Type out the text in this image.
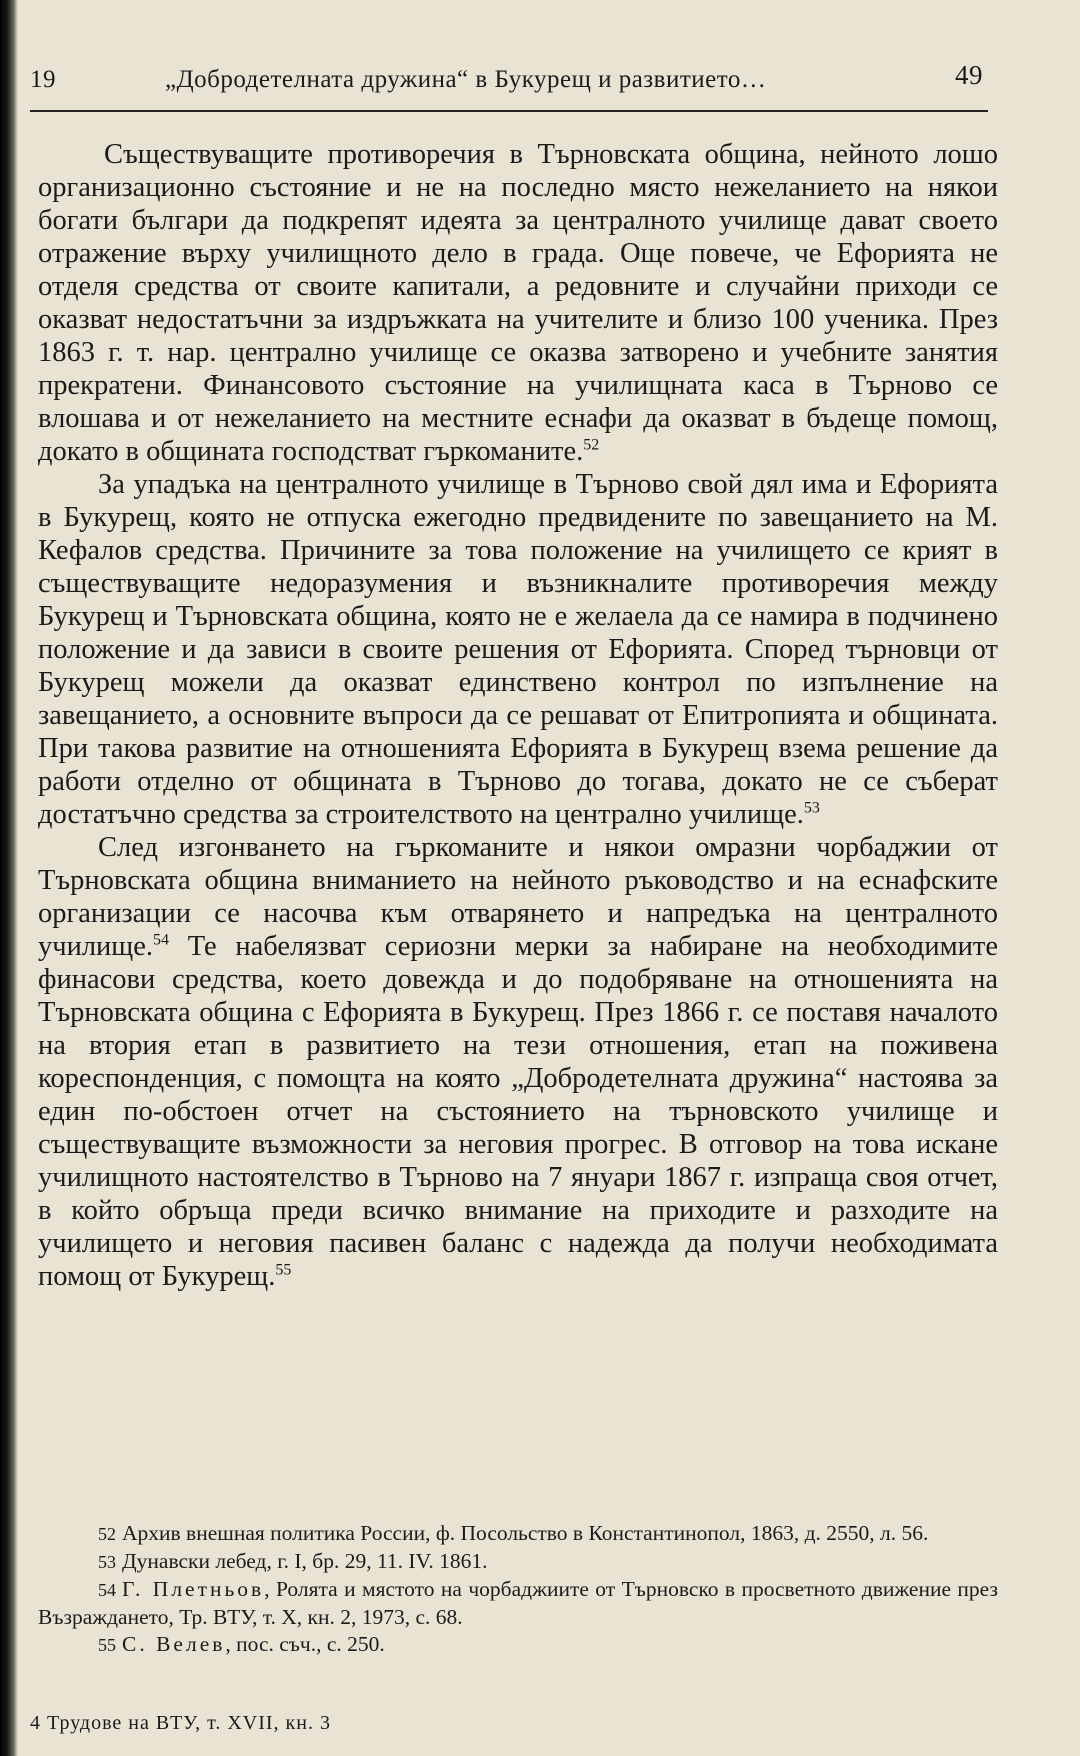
19	„Добродетелната дружина“ в Букурещ и развитието…	49

Съществуващите противоречия в Търновската община, нейното лошо организационно състояние и не на последно място нежеланието на някои богати българи да подкрепят идеята за централното училище дават своето отражение върху училищното дело в града. Още повече, че Ефорията не отделя средства от своите капитали, а редовните и случайни приходи се оказват недостатъчни за издръжката на учителите и близо 100 ученика. През 1863 г. т. нар. централно училище се оказва затворено и учебните занятия прекратени. Финансовото състояние на училищната каса в Търново се влошава и от нежеланието на местните еснафи да оказват в бъдеще помощ, докато в общината господстват гъркоманите.$^{52}$

За упадъка на централното училище в Търново свой дял има и Ефорията в Букурещ, която не отпуска ежегодно предвидените по завещанието на М. Кефалов средства. Причините за това положение на училището се крият в съществуващите недоразумения и възникналите противоречия между Букурещ и Търновската община, която не е желаела да се намира в подчинено положение и да зависи в своите решения от Ефорията. Според търновци от Букурещ можели да оказват единствено контрол по изпълнение на завещанието, а основните въпроси да се решават от Епитропията и общината. При такова развитие на отношенията Ефорията в Букурещ взема решение да работи отделно от общината в Търново до тогава, докато не се съберат достатъчно средства за строителството на централно училище.$^{53}$

След изгонването на гъркоманите и някои омразни чорбаджии от Търновската община вниманието на нейното ръководство и на еснафските организации се насочва към отварянето и напредъка на централното училище.$^{54}$ Те набелязват сериозни мерки за набиране на необходимите финасови средства, което довежда и до подобряване на отношенията на Търновската община с Ефорията в Букурещ. През 1866 г. се поставя началото на втория етап в развитието на тези отношения, етап на поживена кореспонденция, с помощта на която „Добродетелната дружина“ настоява за един по-обстоен отчет на състоянието на търновското училище и съществуващите възможности за неговия прогрес. В отговор на това искане училищното настоятелство в Търново на 7 януари 1867 г. изпраща своя отчет, в който обръща преди всичко внимание на приходите и разходите на училището и неговия пасивен баланс с надежда да получи необходимата помощ от Букурещ.$^{55}$

52 Архив внешная политика России, ф. Посольство в Константинопол, 1863, д. 2550, л. 56.

53 Дунавски лебед, г. I, бр. 29, 11. IV. 1861.

54 Г. Плетньов, Ролята и мястото на чорбаджиите от Търновско в просветното движение през Възраждането, Тр. ВТУ, т. X, кн. 2, 1973, с. 68.

55 С. Велев, пос. съч., с. 250.

4 Трудове на ВТУ, т. XVII, кн. 3
